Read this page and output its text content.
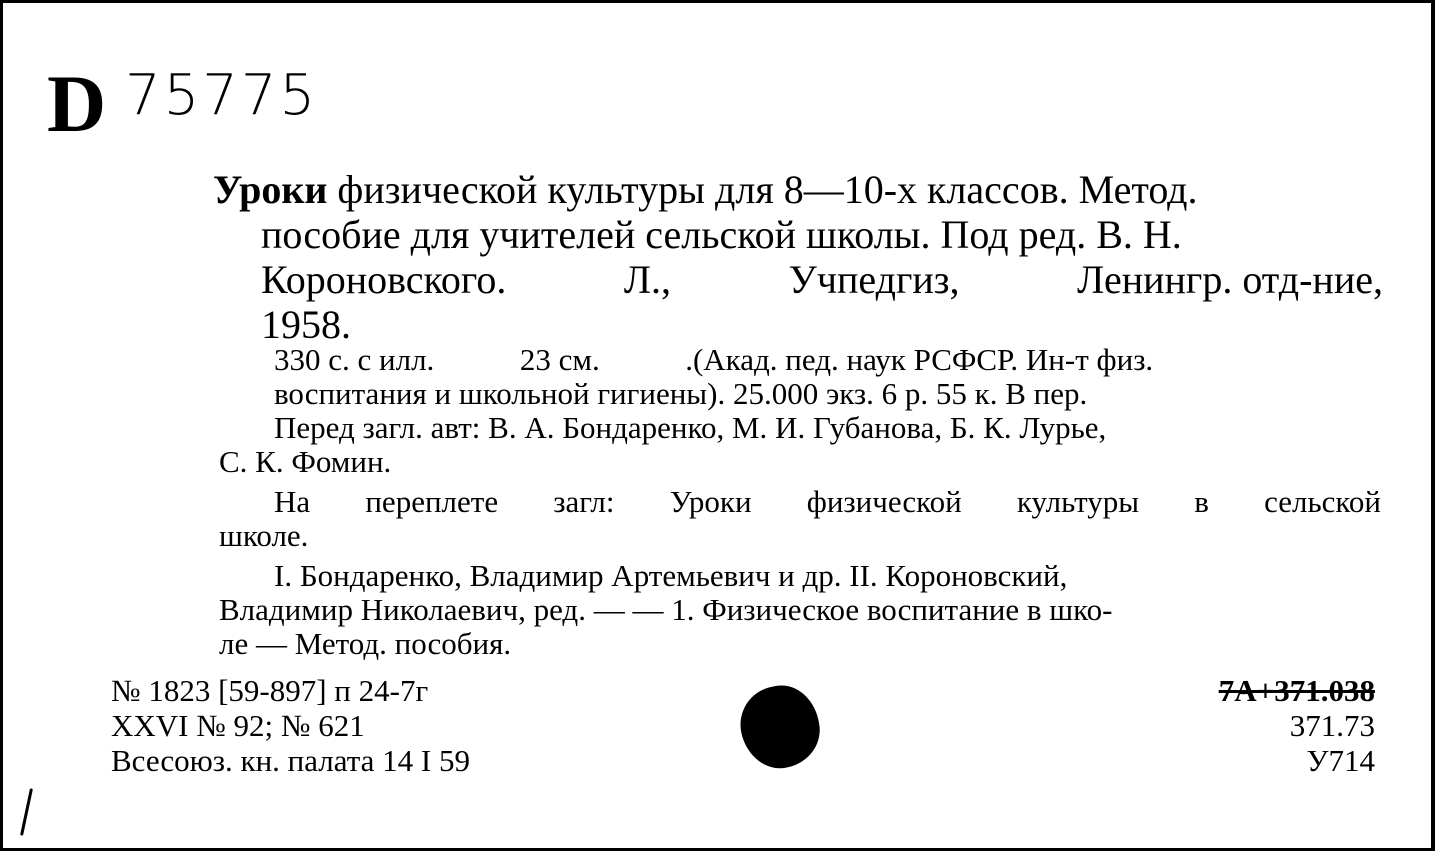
D 75775
Уроки физической культуры для 8—10-х классов. Метод.
пособие для учителей сельской школы. Под ред. В. Н.
Короновского.	Л.,	Учпедгиз,	Ленингр. отд-ние,
1958.
330 с. с илл.	23 см.	.(Акад. пед. наук РСФСР. Ин-т физ.
воспитания и школьной гигиены). 25.000 экз. 6 р. 55 к. В пер.
Перед загл. авт: В. А. Бондаренко, М. И. Губанова, Б. К. Лурье,
С. К. Фомин.
На переплете загл: Уроки физической культуры в сельской
школе.
I. Бондаренко, Владимир Артемьевич и др. II. Короновский,
Владимир Николаевич, ред. — — 1. Физическое воспитание в шко-
ле — Метод. пособия.
№ 1823 [59-897] п 24-7г
XXVI № 92; № 621
Всесоюз. кн. палата 14 I 59
7А+371.038
371.73
У714
